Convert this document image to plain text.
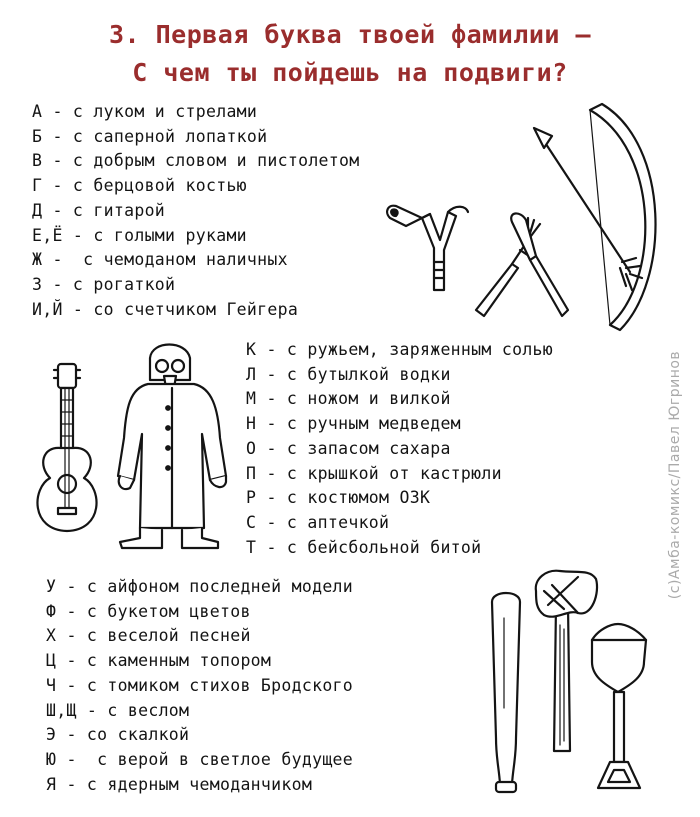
3. Первая буква твоей фамилии —
С чем ты пойдешь на подвиги?
А - с луком и стрелами
Б - с саперной лопаткой
В - с добрым словом и пистолетом
Г - с берцовой костью
Д - с гитарой
Е,Ё - с голыми руками
Ж -  с чемоданом наличных
З - с рогаткой
И,Й - со счетчиком Гейгера
К - с ружьем, заряженным солью
Л - с бутылкой водки
М - с ножом и вилкой
Н - с ручным медведем
О - с запасом сахара
П - с крышкой от кастрюли
Р - с костюмом ОЗК
С - с аптечкой
Т - с бейсбольной битой
У - с айфоном последней модели
Ф - с букетом цветов
Х - с веселой песней
Ц - с каменным топором
Ч - с томиком стихов Бродского
Ш,Щ - с веслом
Э - со скалкой
Ю -  с верой в светлое будущее
Я - с ядерным чемоданчиком
(с)Амба-комикс/Павел Югринов
